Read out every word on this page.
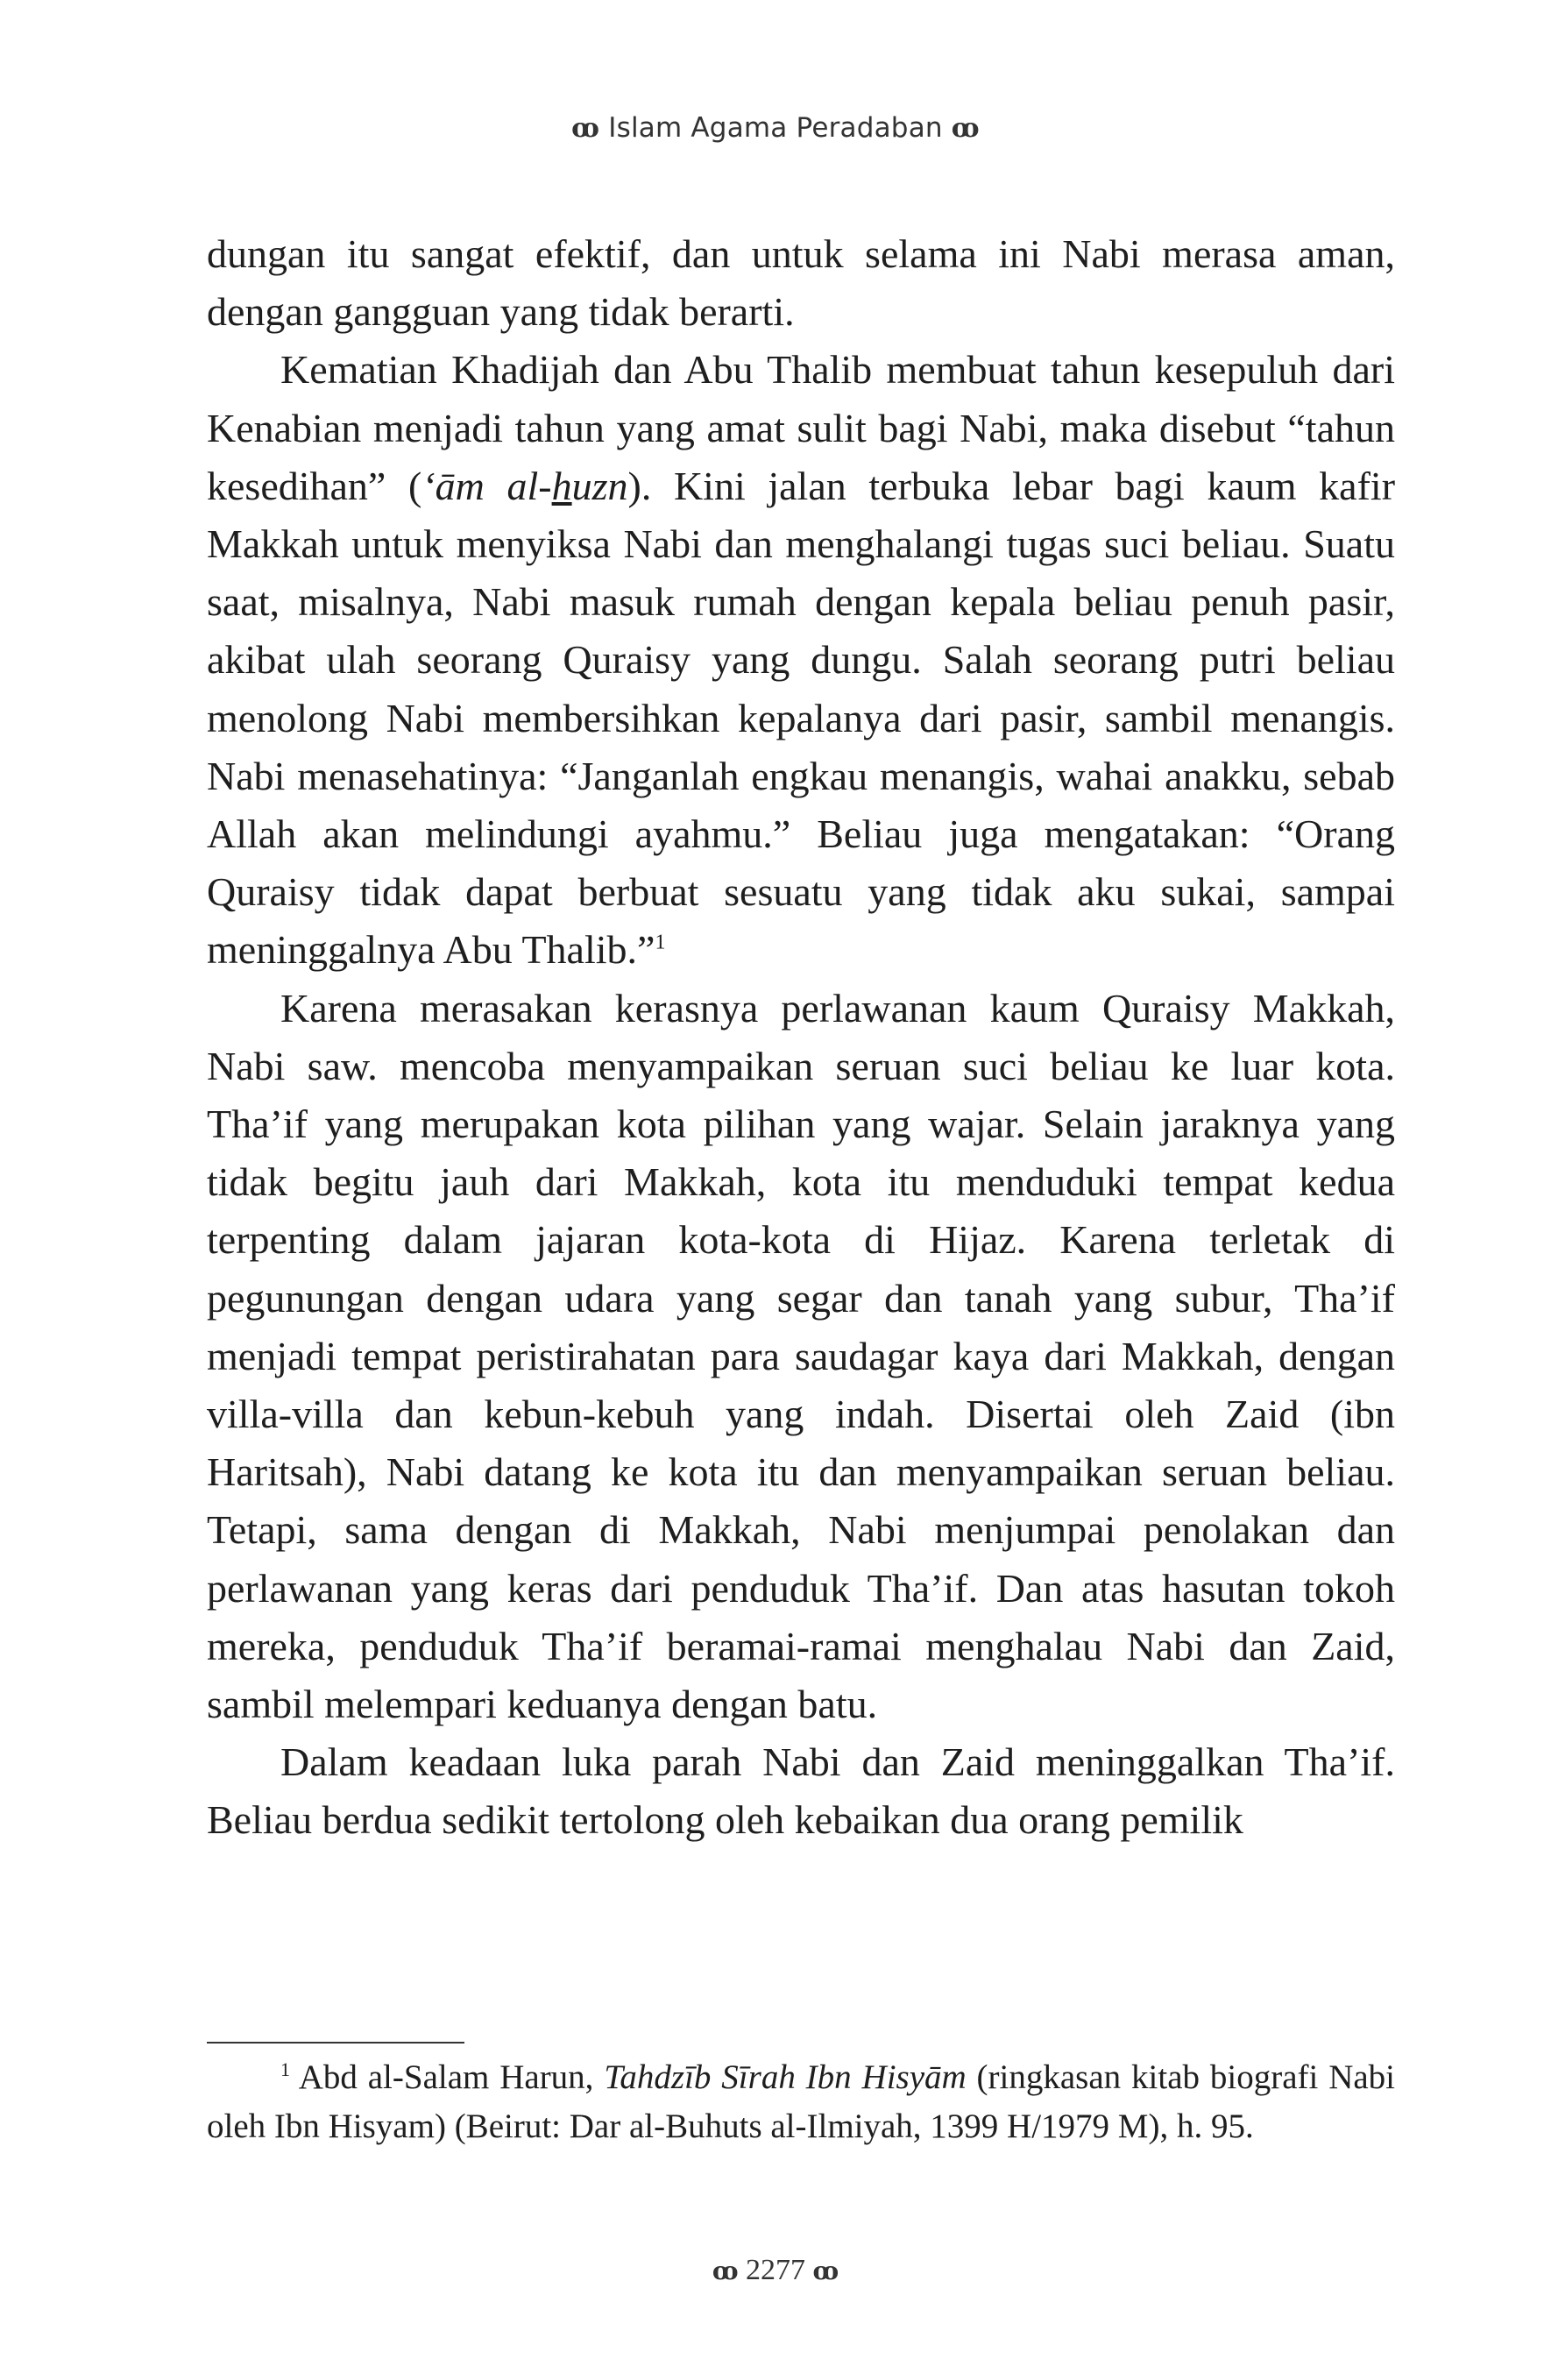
ꝏ Islam Agama Peradaban ꝏ

dungan itu sangat efektif, dan untuk selama ini Nabi merasa aman, dengan gangguan yang tidak berarti.

Kematian Khadijah dan Abu Thalib membuat tahun kesepuluh dari Kenabian menjadi tahun yang amat sulit bagi Nabi, maka disebut “tahun kesedihan” (‘ām al-huzn). Kini jalan terbuka lebar bagi kaum kafir Makkah untuk menyiksa Nabi dan menghalangi tugas suci beliau. Suatu saat, misalnya, Nabi masuk rumah dengan kepala beliau penuh pasir, akibat ulah seorang Quraisy yang dungu. Salah seorang putri beliau menolong Nabi membersihkan kepalanya dari pasir, sambil menangis. Nabi menasehatinya: “Janganlah engkau menangis, wahai anakku, sebab Allah akan melindungi ayahmu.” Beliau juga mengatakan: “Orang Quraisy tidak dapat berbuat sesuatu yang tidak aku sukai, sampai meninggalnya Abu Thalib.”$^1$

Karena merasakan kerasnya perlawanan kaum Quraisy Makkah, Nabi saw. mencoba menyampaikan seruan suci beliau ke luar kota. Tha’if yang merupakan kota pilihan yang wajar. Selain jaraknya yang tidak begitu jauh dari Makkah, kota itu menduduki tempat kedua terpenting dalam jajaran kota-kota di Hijaz. Karena terletak di pegunungan dengan udara yang segar dan tanah yang subur, Tha’if menjadi tempat peristirahatan para saudagar kaya dari Makkah, dengan villa-villa dan kebun-kebuh yang indah. Disertai oleh Zaid (ibn Haritsah), Nabi datang ke kota itu dan menyampaikan seruan beliau. Tetapi, sama dengan di Makkah, Nabi menjumpai penolakan dan perlawanan yang keras dari penduduk Tha’if. Dan atas hasutan tokoh mereka, penduduk Tha’if beramai-ramai menghalau Nabi dan Zaid, sambil melempari keduanya dengan batu.

Dalam keadaan luka parah Nabi dan Zaid meninggalkan Tha’if. Beliau berdua sedikit tertolong oleh kebaikan dua orang pemilik

$^1$ Abd al-Salam Harun, Tahdzīb Sīrah Ibn Hisyām (ringkasan kitab biografi Nabi oleh Ibn Hisyam) (Beirut: Dar al-Buhuts al-Ilmiyah, 1399 H/1979 M), h. 95.

ꝏ 2277 ꝏ
